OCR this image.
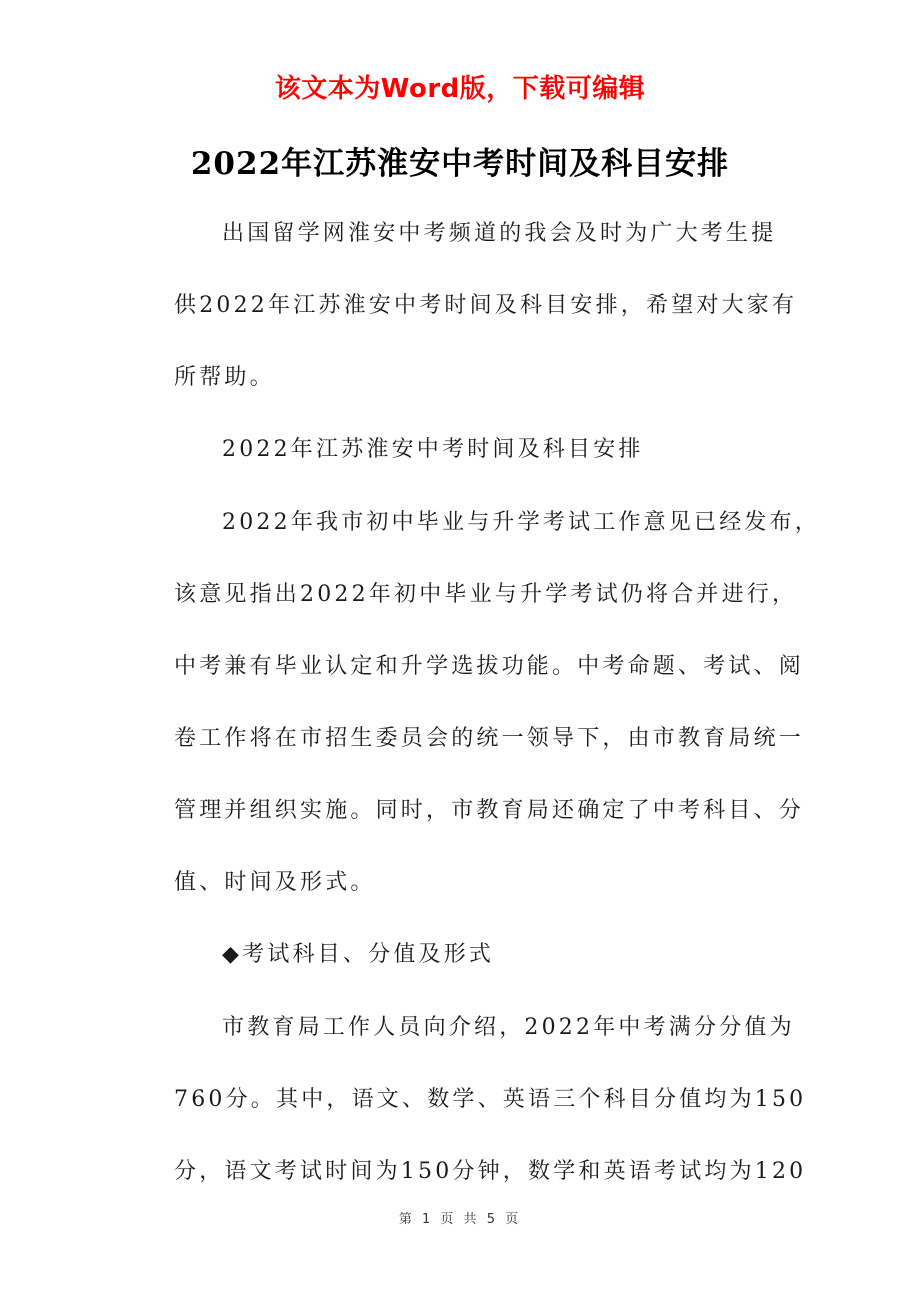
该文本为Word版，下载可编辑
2022年江苏淮安中考时间及科目安排
出国留学网淮安中考频道的我会及时为广大考生提
供2022年江苏淮安中考时间及科目安排，希望对大家有
所帮助。
2022年江苏淮安中考时间及科目安排
2022年我市初中毕业与升学考试工作意见已经发布，
该意见指出2022年初中毕业与升学考试仍将合并进行，
中考兼有毕业认定和升学选拔功能。中考命题、考试、阅
卷工作将在市招生委员会的统一领导下，由市教育局统一
管理并组织实施。同时，市教育局还确定了中考科目、分
值、时间及形式。
◆考试科目、分值及形式
市教育局工作人员向介绍，2022年中考满分分值为
760分。其中，语文、数学、英语三个科目分值均为150
分，语文考试时间为150分钟，数学和英语考试均为120
第 1 页 共 5 页
